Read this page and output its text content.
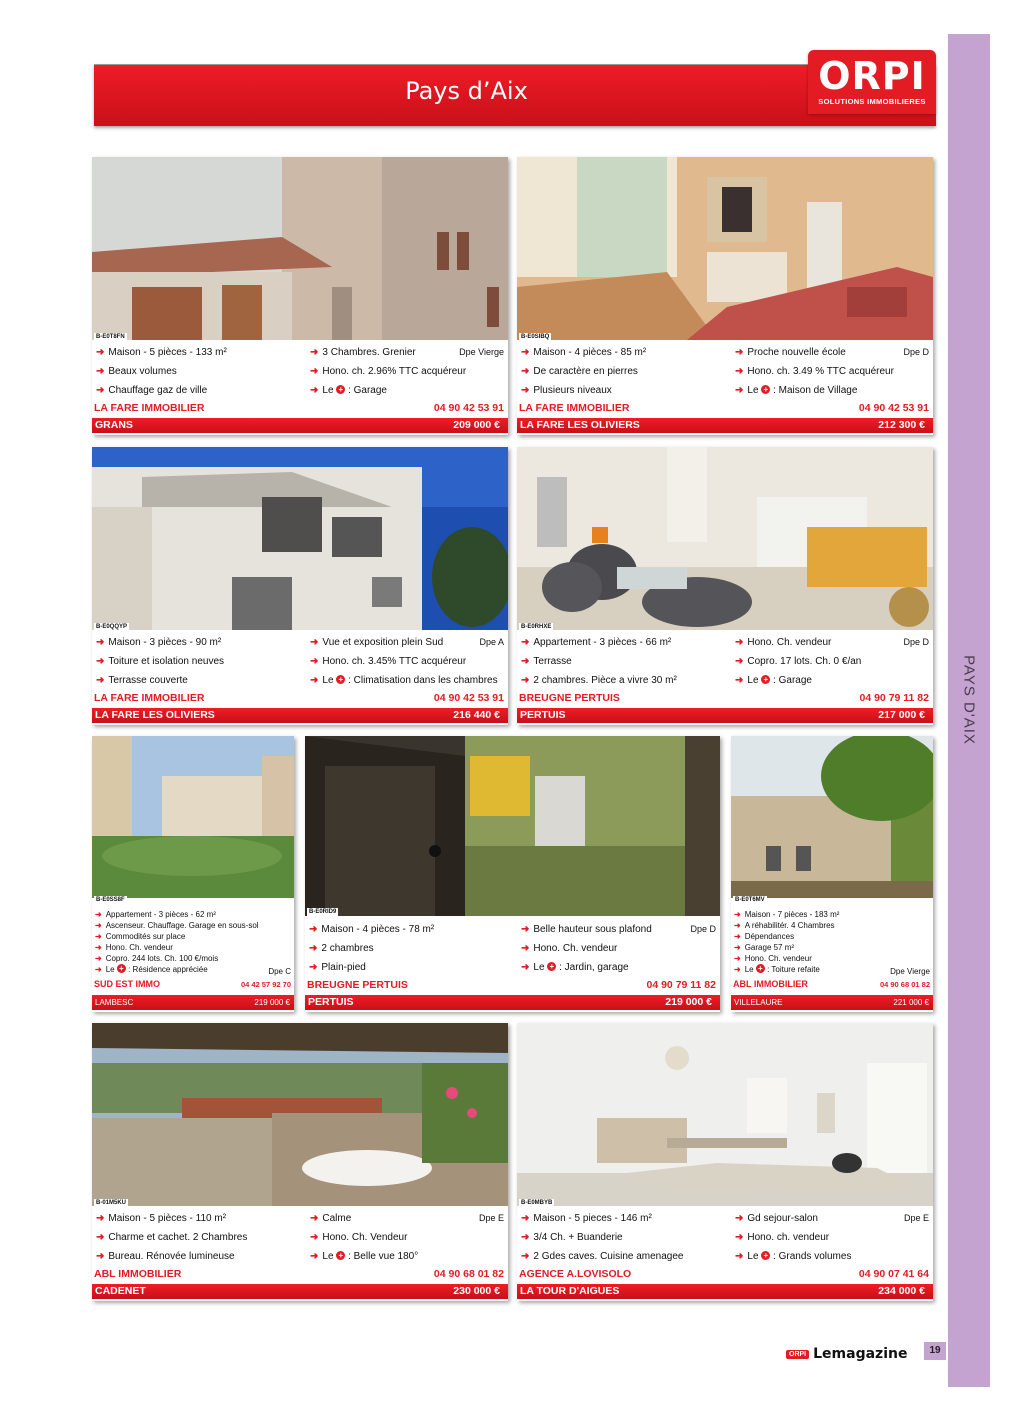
PAYS D'AIX
Pays d’Aix	ORPI
SOLUTIONS IMMOBILIERES
B-E0T8FN
➜ Maison - 5 pièces - 133 m²
➜ Beaux volumes
➜ Chauffage gaz de ville
➜ 3 Chambres. Grenier
➜ Hono. ch. 2.96% TTC acquéreur
➜ Le + : Garage
Dpe Vierge
LA FARE IMMOBILIER	04 90 42 53 91
GRANS	209 000 €
B-E0SIBQ
➜ Maison - 4 pièces - 85 m²
➜ De caractère en pierres
➜ Plusieurs niveaux
➜ Proche nouvelle école
➜ Hono. ch. 3.49 % TTC acquéreur
➜ Le + : Maison de Village
Dpe D
LA FARE IMMOBILIER	04 90 42 53 91
LA FARE LES OLIVIERS	212 300 €
B-E0QQYP
➜ Maison - 3 pièces - 90 m²
➜ Toiture et isolation neuves
➜ Terrasse couverte
➜ Vue et exposition plein Sud
➜ Hono. ch. 3.45% TTC acquéreur
➜ Le + : Climatisation dans les chambres
Dpe A
LA FARE IMMOBILIER	04 90 42 53 91
LA FARE LES OLIVIERS	216 440 €
B-E0RHXE
➜ Appartement - 3 pièces - 66 m²
➜ Terrasse
➜ 2 chambres. Pièce a vivre 30 m²
➜ Hono. Ch. vendeur
➜ Copro. 17 lots. Ch. 0 €/an
➜ Le + : Garage
Dpe D
BREUGNE PERTUIS	04 90 79 11 82
PERTUIS	217 000 €
B-E0SS8F
➜ Appartement - 3 pièces - 62 m²
➜ Ascenseur. Chauffage. Garage en sous-sol
➜ Commodités sur place
➜ Hono. Ch. vendeur
➜ Copro. 244 lots. Ch. 100 €/mois
➜ Le + : Résidence appréciée	Dpe C
SUD EST IMMO	04 42 57 92 70
LAMBESC	219 000 €
B-E0RID9
➜ Maison - 4 pièces - 78 m²
➜ 2 chambres
➜ Plain-pied
➜ Belle hauteur sous plafond
➜ Hono. Ch. vendeur
➜ Le + : Jardin, garage
Dpe D
BREUGNE PERTUIS	04 90 79 11 82
PERTUIS	219 000 €
B-E0T6MV
➜ Maison - 7 pièces - 183 m²
➜ A réhabilitér. 4 Chambres
➜ Dépendances
➜ Garage 57 m²
➜ Hono. Ch. vendeur
➜ Le + : Toiture refaite	Dpe Vierge
ABL IMMOBILIER	04 90 68 01 82
VILLELAURE	221 000 €
B-01M5KU
➜ Maison - 5 pièces - 110 m²
➜ Charme et cachet. 2 Chambres
➜ Bureau. Rénovée lumineuse
➜ Calme
➜ Hono. Ch. Vendeur
➜ Le + : Belle vue 180°
Dpe E
ABL IMMOBILIER	04 90 68 01 82
CADENET	230 000 €
B-E0MBYB
➜ Maison - 5 pieces - 146 m²
➜ 3/4 Ch. + Buanderie
➜ 2 Gdes caves. Cuisine amenagee
➜ Gd sejour-salon
➜ Hono. ch. vendeur
➜ Le + : Grands volumes
Dpe E
AGENCE A.LOVISOLO	04 90 07 41 64
LA TOUR D'AIGUES	234 000 €
ORPI Lemagazine	19
